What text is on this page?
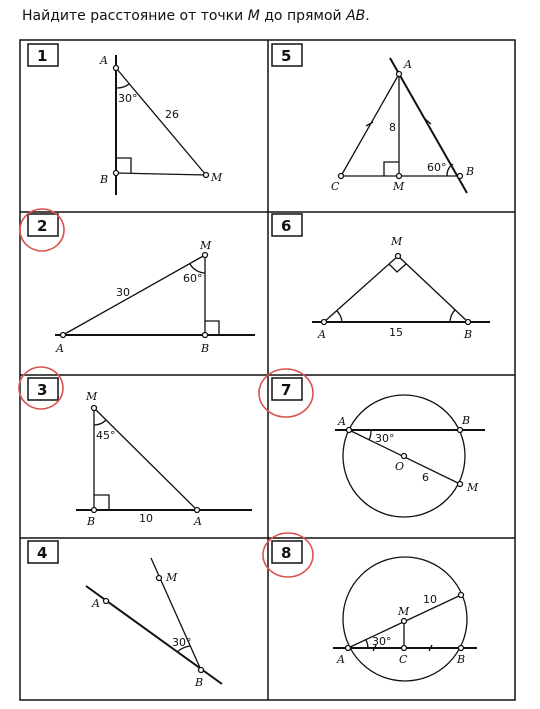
Найдите расстояние от точки M до прямой AB.
1
2
3
4
5
6
7
8
A
B	M
30°
26
A	B
M
30
60°
M
B	A
45°
10
A
B
M
30°
A
B
C	M
8
60°
A	B
M
15
A	B
O
M
30°
6
A	B
C
M
10
30°
